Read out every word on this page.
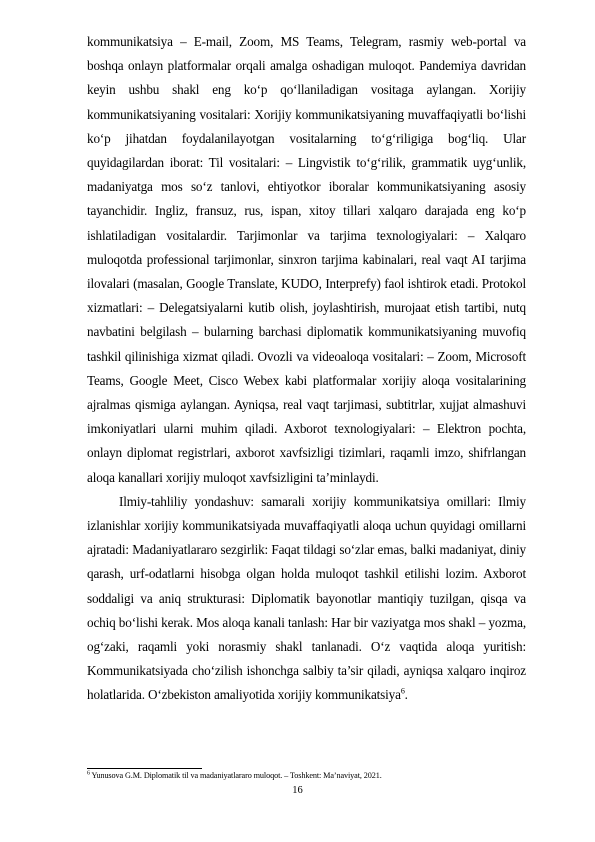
kommunikatsiya – E-mail, Zoom, MS Teams, Telegram, rasmiy web-portal va boshqa onlayn platformalar orqali amalga oshadigan muloqot. Pandemiya davridan keyin ushbu shakl eng ko‘p qo‘llaniladigan vositaga aylangan. Xorijiy kommunikatsiyaning vositalari: Xorijiy kommunikatsiyaning muvaffaqiyatli bo‘lishi ko‘p jihatdan foydalanilayotgan vositalarning to‘g‘riligiga bog‘liq. Ular quyidagilardan iborat: Til vositalari: – Lingvistik to‘g‘rilik, grammatik uyg‘unlik, madaniyatga mos so‘z tanlovi, ehtiyotkor iboralar kommunikatsiyaning asosiy tayanchidir. Ingliz, fransuz, rus, ispan, xitoy tillari xalqaro darajada eng ko‘p ishlatiladigan vositalardir. Tarjimonlar va tarjima texnologiyalari: – Xalqaro muloqotda professional tarjimonlar, sinxron tarjima kabinalari, real vaqt AI tarjima ilovalari (masalan, Google Translate, KUDO, Interprefy) faol ishtirok etadi. Protokol xizmatlari: – Delegatsiyalarni kutib olish, joylashtirish, murojaat etish tartibi, nutq navbatini belgilash – bularning barchasi diplomatik kommunikatsiyaning muvofiq tashkil qilinishiga xizmat qiladi. Ovozli va videoaloqa vositalari: – Zoom, Microsoft Teams, Google Meet, Cisco Webex kabi platformalar xorijiy aloqa vositalarining ajralmas qismiga aylangan. Ayniqsa, real vaqt tarjimasi, subtitrlar, xujjat almashuvi imkoniyatlari ularni muhim qiladi. Axborot texnologiyalari: – Elektron pochta, onlayn diplomat registrlari, axborot xavfsizligi tizimlari, raqamli imzo, shifrlangan aloqa kanallari xorijiy muloqot xavfsizligini ta’minlaydi.

Ilmiy-tahliliy yondashuv: samarali xorijiy kommunikatsiya omillari: Ilmiy izlanishlar xorijiy kommunikatsiyada muvaffaqiyatli aloqa uchun quyidagi omillarni ajratadi: Madaniyatlararo sezgirlik: Faqat tildagi so‘zlar emas, balki madaniyat, diniy qarash, urf-odatlarni hisobga olgan holda muloqot tashkil etilishi lozim. Axborot soddaligi va aniq strukturasi: Diplomatik bayonotlar mantiqiy tuzilgan, qisqa va ochiq bo‘lishi kerak. Mos aloqa kanali tanlash: Har bir vaziyatga mos shakl – yozma, og‘zaki, raqamli yoki norasmiy shakl tanlanadi. O‘z vaqtida aloqa yuritish: Kommunikatsiyada cho‘zilish ishonchga salbiy ta’sir qiladi, ayniqsa xalqaro inqiroz holatlarida. O‘zbekiston amaliyotida xorijiy kommunikatsiya$^6$.

$^6$ Yunusova G.M. Diplomatik til va madaniyatlararo muloqot. – Toshkent: Ma’naviyat, 2021.
16
